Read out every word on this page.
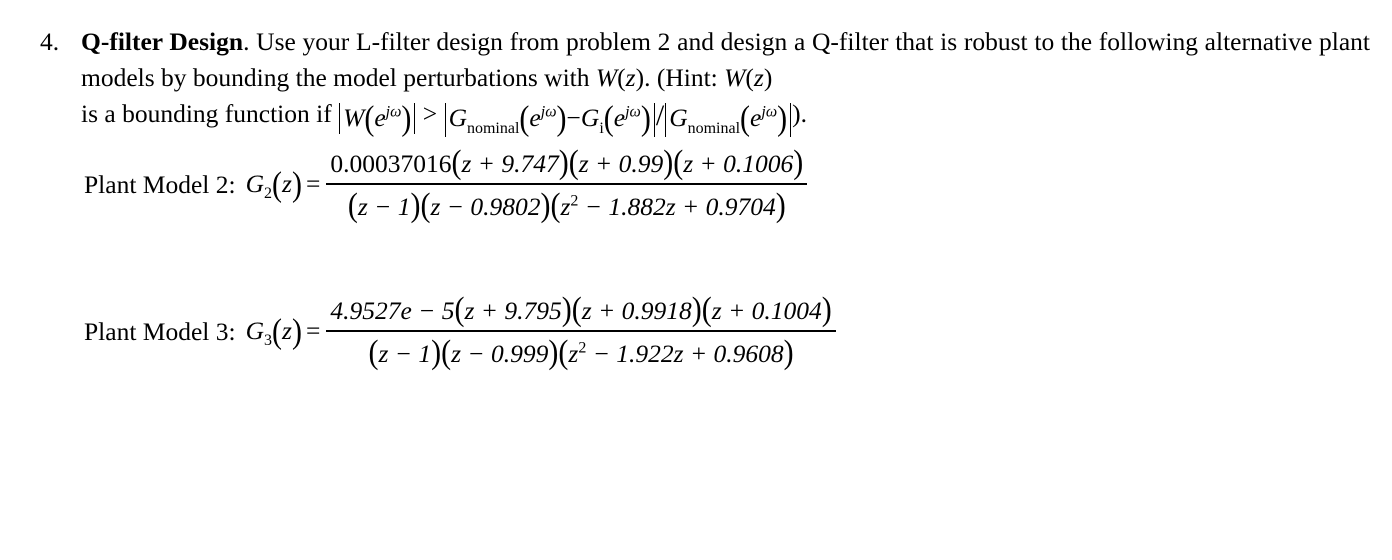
4. Q-filter Design. Use your L-filter design from problem 2 and design a Q-filter that is robust to the following alternative plant models by bounding the model perturbations with W(z). (Hint: W(z)
is a bounding function if $W(e^{j\omega}) > G_{nominal}(e^{j\omega})-G_i(e^{j\omega}) / G_{nominal}(e^{j\omega})$ ).
Plant Model 2: $G_2(z) = \frac{0.00037016(z + 9.747)(z + 0.99)(z + 0.1006)}{(z - 1)(z - 0.9802)(z^2 - 1.882z + 0.9704)}$
Plant Model 3: $G_3(z) = \frac{4.9527e - 5(z + 9.795)(z + 0.9918)(z + 0.1004)}{(z - 1)(z - 0.999)(z^2 - 1.922z + 0.9608)}$
